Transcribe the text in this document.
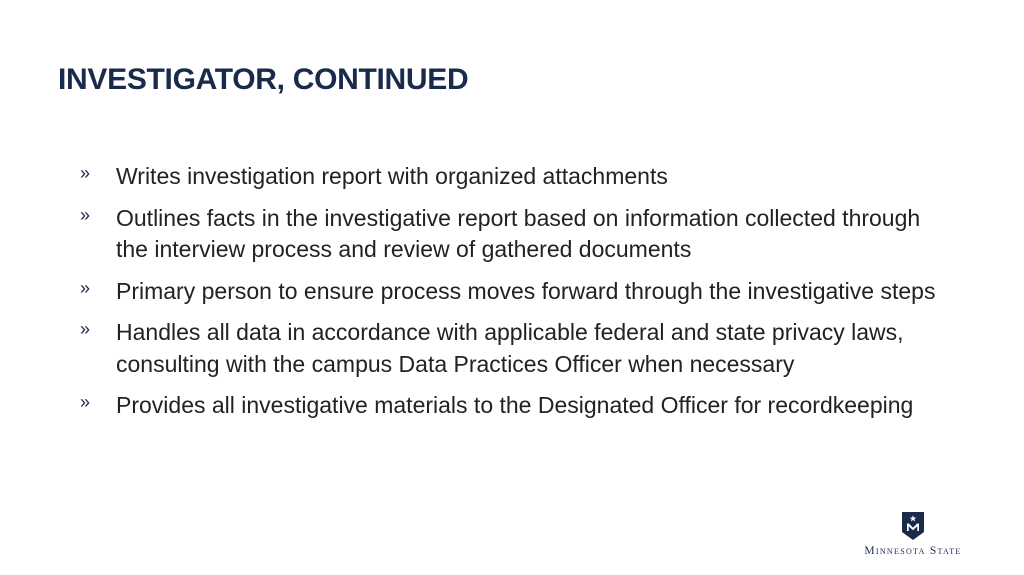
INVESTIGATOR, CONTINUED
» Writes investigation report with organized attachments
» Outlines facts in the investigative report based on information collected through the interview process and review of gathered documents
» Primary person to ensure process moves forward through the investigative steps
» Handles all data in accordance with applicable federal and state privacy laws, consulting with the campus Data Practices Officer when necessary
» Provides all investigative materials to the Designated Officer for recordkeeping
Minnesota State
